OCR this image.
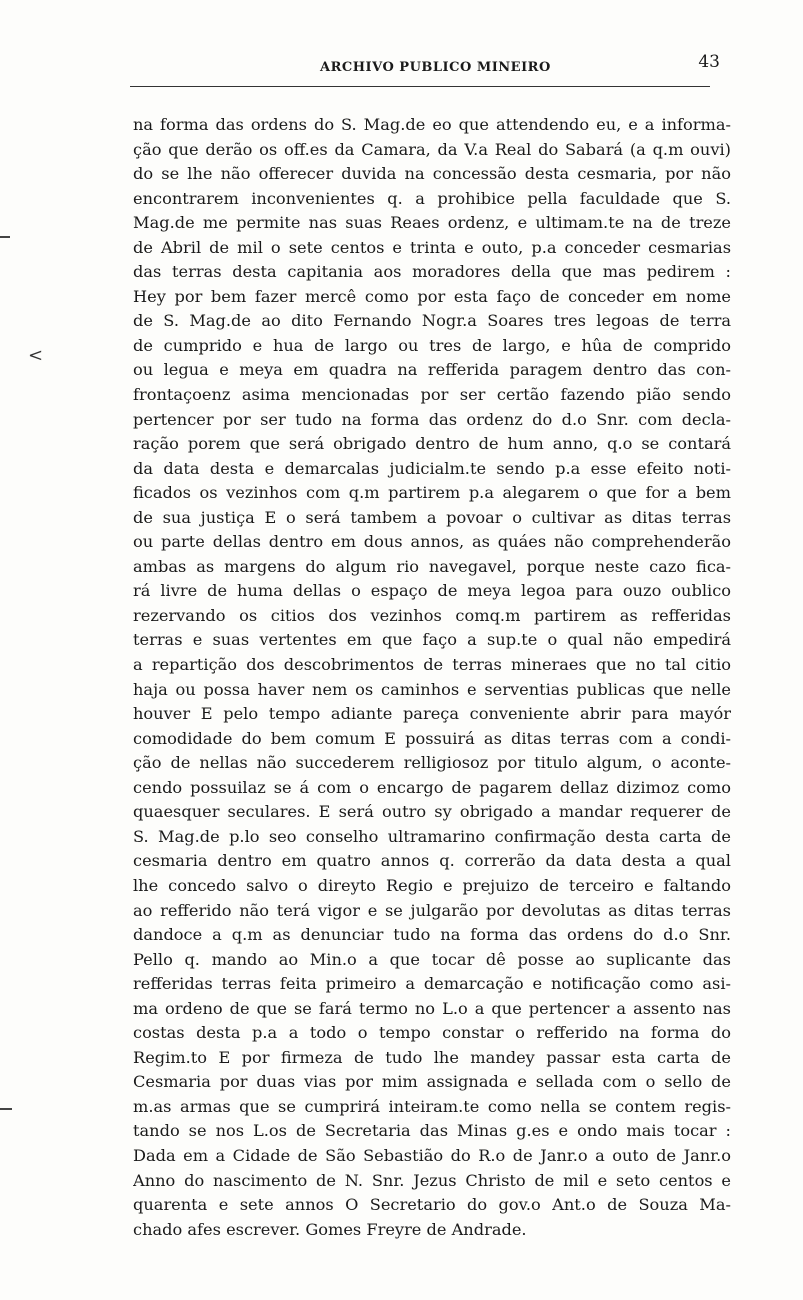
ARCHIVO PUBLICO MINEIRO	43
<
na forma das ordens do S. Mag.de eo que attendendo eu, e a informa-
ção que derão os off.es da Camara, da V.a Real do Sabará (a q.m ouvi)
do se lhe não offerecer duvida na concessão desta cesmaria, por não
encontrarem inconvenientes q. a prohibice pella faculdade que S.
Mag.de me permite nas suas Reaes ordenz, e ultimam.te na de treze
de Abril de mil o sete centos e trinta e outo, p.a conceder cesmarias
das terras desta capitania aos moradores della que mas pedirem :
Hey por bem fazer mercê como por esta faço de conceder em nome
de S. Mag.de ao dito Fernando Nogr.a Soares tres legoas de terra
de cumprido e hua de largo ou tres de largo, e hûa de comprido
ou legua e meya em quadra na refferida paragem dentro das con-
frontaçoenz asima mencionadas por ser certão fazendo pião sendo
pertencer por ser tudo na forma das ordenz do d.o Snr. com decla-
ração porem que será obrigado dentro de hum anno, q.o se contará
da data desta e demarcalas judicialm.te sendo p.a esse efeito noti-
ficados os vezinhos com q.m partirem p.a alegarem o que for a bem
de sua justiça E o será tambem a povoar o cultivar as ditas terras
ou parte dellas dentro em dous annos, as quáes não comprehenderão
ambas as margens do algum rio navegavel, porque neste cazo fica-
rá livre de huma dellas o espaço de meya legoa para ouzo oublico
rezervando os citios dos vezinhos comq.m partirem as refferidas
terras e suas vertentes em que faço a sup.te o qual não empedirá
a repartição dos descobrimentos de terras mineraes que no tal citio
haja ou possa haver nem os caminhos e serventias publicas que nelle
houver E pelo tempo adiante pareça conveniente abrir para mayór
comodidade do bem comum E possuirá as ditas terras com a condi-
ção de nellas não succederem relligiosoz por titulo algum, o aconte-
cendo possuilaz se á com o encargo de pagarem dellaz dizimoz como
quaesquer seculares. E será outro sy obrigado a mandar requerer de
S. Mag.de p.lo seo conselho ultramarino confirmação desta carta de
cesmaria dentro em quatro annos q. correrão da data desta a qual
lhe concedo salvo o direyto Regio e prejuizo de terceiro e faltando
ao refferido não terá vigor e se julgarão por devolutas as ditas terras
dandoce a q.m as denunciar tudo na forma das ordens do d.o Snr.
Pello q. mando ao Min.o a que tocar dê posse ao suplicante das
refferidas terras feita primeiro a demarcação e notificação como asi-
ma ordeno de que se fará termo no L.o a que pertencer a assento nas
costas desta p.a a todo o tempo constar o refferido na forma do
Regim.to E por firmeza de tudo lhe mandey passar esta carta de
Cesmaria por duas vias por mim assignada e sellada com o sello de
m.as armas que se cumprirá inteiram.te como nella se contem regis-
tando se nos L.os de Secretaria das Minas g.es e ondo mais tocar :
Dada em a Cidade de São Sebastião do R.o de Janr.o a outo de Janr.o
Anno do nascimento de N. Snr. Jezus Christo de mil e seto centos e
quarenta e sete annos O Secretario do gov.o Ant.o de Souza Ma-
chado afes escrever. Gomes Freyre de Andrade.
